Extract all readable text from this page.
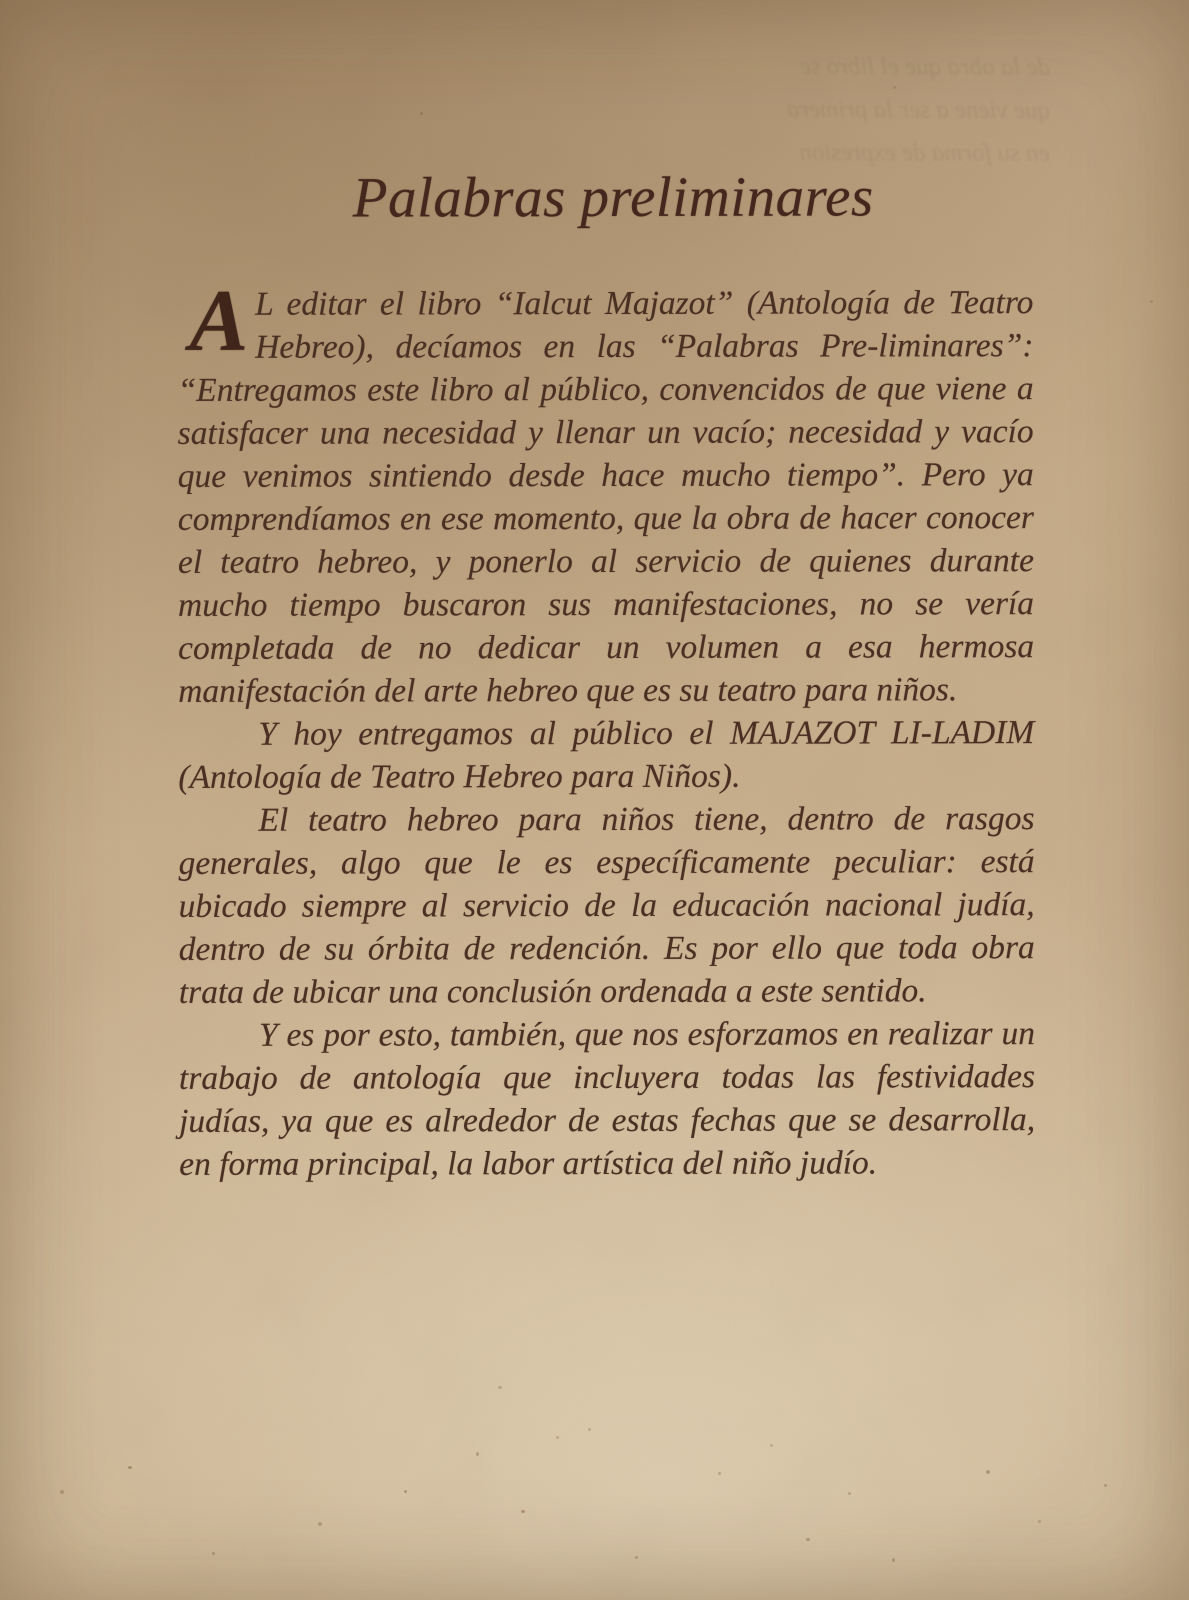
de la obra que el libro se
que viene a ser la primera
en su forma de expresion
Palabras preliminares

A L editar el libro “Ialcut Majazot” (Antología de Teatro Hebreo), decíamos en las “Palabras Pre-liminares”: “Entregamos este libro al público, convencidos de que viene a satisfacer una necesidad y llenar un vacío; necesidad y vacío que venimos sintiendo desde hace mucho tiempo”. Pero ya comprendíamos en ese momento, que la obra de hacer conocer el teatro hebreo, y ponerlo al servicio de quienes durante mucho tiempo buscaron sus manifestaciones, no se vería completada de no dedicar un volumen a esa hermosa manifestación del arte hebreo que es su teatro para niños.

Y hoy entregamos al público el MAJAZOT LI-LADIM (Antología de Teatro Hebreo para Niños).

El teatro hebreo para niños tiene, dentro de rasgos generales, algo que le es específicamente peculiar: está ubicado siempre al servicio de la educación nacional judía, dentro de su órbita de redención. Es por ello que toda obra trata de ubicar una conclusión ordenada a este sentido.

Y es por esto, también, que nos esforzamos en realizar un trabajo de antología que incluyera todas las festividades judías, ya que es alrededor de estas fechas que se desarrolla, en forma principal, la labor artística del niño judío.
